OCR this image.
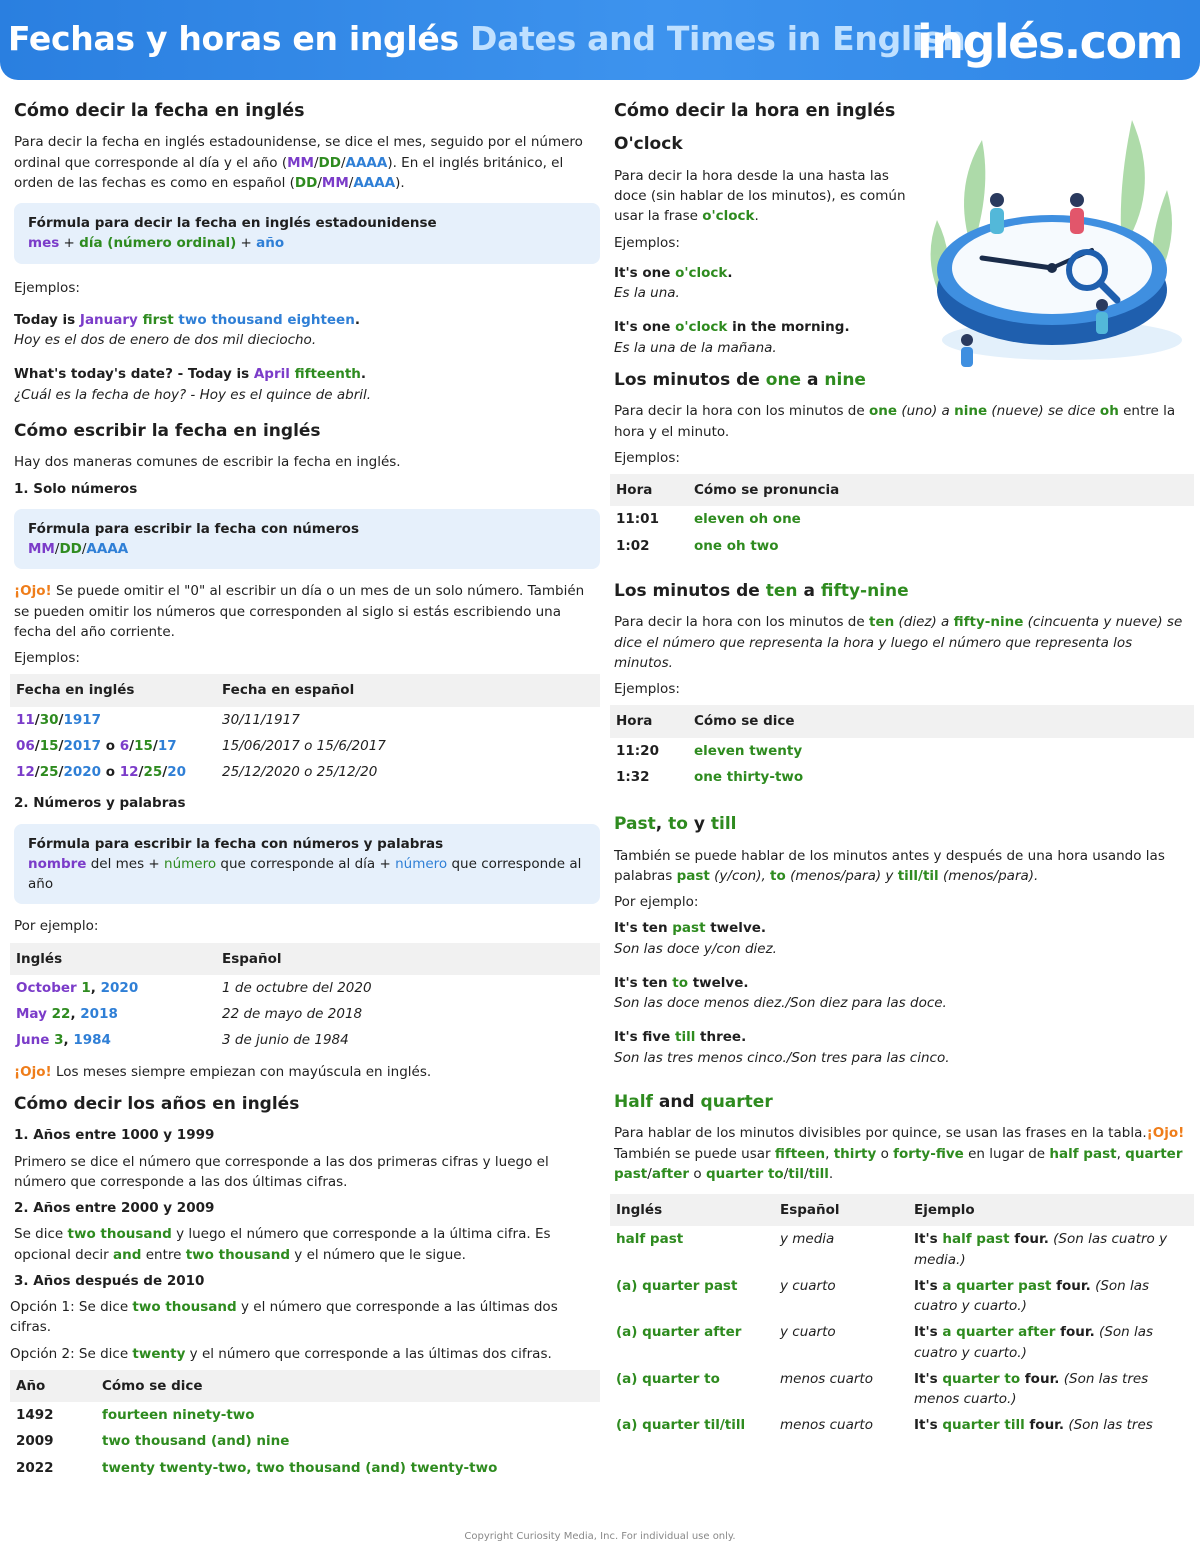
Fechas y horas en inglés Dates and Times in English
inglés.com
Cómo decir la fecha en inglés

Para decir la fecha en inglés estadounidense, se dice el mes, seguido por el número ordinal que corresponde al día y el año (MM/DD/AAAA). En el inglés británico, el orden de las fechas es como en español (DD/MM/AAAA).

Fórmula para decir la fecha en inglés estadounidense
mes + día (número ordinal) + año

Ejemplos:

Today is January first two thousand eighteen.
Hoy es el dos de enero de dos mil dieciocho.
What's today's date? - Today is April fifteenth.
¿Cuál es la fecha de hoy? - Hoy es el quince de abril.
Cómo escribir la fecha en inglés

Hay dos maneras comunes de escribir la fecha en inglés.

1. Solo números
Fórmula para escribir la fecha con números
MM/DD/AAAA

¡Ojo! Se puede omitir el "0" al escribir un día o un mes de un solo número. También se pueden omitir los números que corresponden al siglo si estás escribiendo una fecha del año corriente.

Ejemplos:

Fecha en inglés	Fecha en español
11/30/1917	30/11/1917
06/15/2017 o 6/15/17	15/06/2017 o 15/6/2017
12/25/2020 o 12/25/20	25/12/2020 o 25/12/20
2. Números y palabras
Fórmula para escribir la fecha con números y palabras
nombre del mes + número que corresponde al día + número que corresponde al año

Por ejemplo:

Inglés	Español
October 1, 2020	1 de octubre del 2020
May 22, 2018	22 de mayo de 2018
June 3, 1984	3 de junio de 1984

¡Ojo! Los meses siempre empiezan con mayúscula en inglés.

Cómo decir los años en inglés
1. Años entre 1000 y 1999

Primero se dice el número que corresponde a las dos primeras cifras y luego el número que corresponde a las dos últimas cifras.

2. Años entre 2000 y 2009

Se dice two thousand y luego el número que corresponde a la última cifra. Es opcional decir and entre two thousand y el número que le sigue.

3. Años después de 2010

Opción 1: Se dice two thousand y el número que corresponde a las últimas dos cifras.

Opción 2: Se dice twenty y el número que corresponde a las últimas dos cifras.

Año	Cómo se dice
1492	fourteen ninety-two
2009	two thousand (and) nine
2022	twenty twenty-two, two thousand (and) twenty-two
Cómo decir la hora en inglés
O'clock

Para decir la hora desde la una hasta las doce (sin hablar de los minutos), es común usar la frase o'clock.

Ejemplos:

It's one o'clock.
Es la una.
It's one o'clock in the morning.
Es la una de la mañana.
Los minutos de one a nine

Para decir la hora con los minutos de one (uno) a nine (nueve) se dice oh entre la hora y el minuto.

Ejemplos:

Hora	Cómo se pronuncia
11:01	eleven oh one
1:02	one oh two
Los minutos de ten a fifty-nine

Para decir la hora con los minutos de ten (diez) a fifty-nine (cincuenta y nueve) se dice el número que representa la hora y luego el número que representa los minutos.

Ejemplos:

Hora	Cómo se dice
11:20	eleven twenty
1:32	one thirty-two
Past, to y till

También se puede hablar de los minutos antes y después de una hora usando las palabras past (y/con), to (menos/para) y till/til (menos/para).

Por ejemplo:

It's ten past twelve.
Son las doce y/con diez.
It's ten to twelve.
Son las doce menos diez./Son diez para las doce.
It's five till three.
Son las tres menos cinco./Son tres para las cinco.
Half and quarter

Para hablar de los minutos divisibles por quince, se usan las frases en la tabla.¡Ojo! También se puede usar fifteen, thirty o forty-five en lugar de half past, quarter past/after o quarter to/til/till.

Inglés	Español	Ejemplo
half past	y media	It's half past four. (Son las cuatro y media.)
(a) quarter past	y cuarto	It's a quarter past four. (Son las cuatro y cuarto.)
(a) quarter after	y cuarto	It's a quarter after four. (Son las cuatro y cuarto.)
(a) quarter to	menos cuarto	It's quarter to four. (Son las tres menos cuarto.)
(a) quarter til/till	menos cuarto	It's quarter till four. (Son las tres
Copyright Curiosity Media, Inc. For individual use only.
